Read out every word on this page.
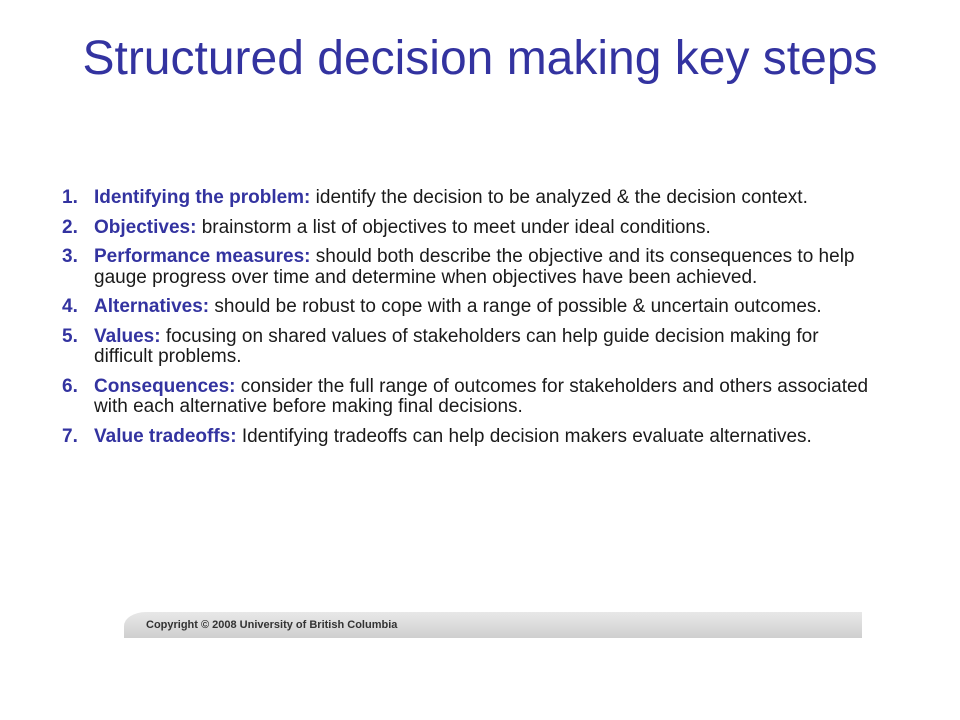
Structured decision making key steps
1. Identifying the problem: identify the decision to be analyzed & the decision context.
2. Objectives: brainstorm a list of objectives to meet under ideal conditions.
3. Performance measures: should both describe the objective and its consequences to help gauge progress over time and determine when objectives have been achieved.
4. Alternatives: should be robust to cope with a range of possible & uncertain outcomes.
5. Values: focusing on shared values of stakeholders can help guide decision making for difficult problems.
6. Consequences: consider the full range of outcomes for stakeholders and others associated with each alternative before making final decisions.
7. Value tradeoffs: Identifying tradeoffs can help decision makers evaluate alternatives.
Copyright © 2008 University of British Columbia
